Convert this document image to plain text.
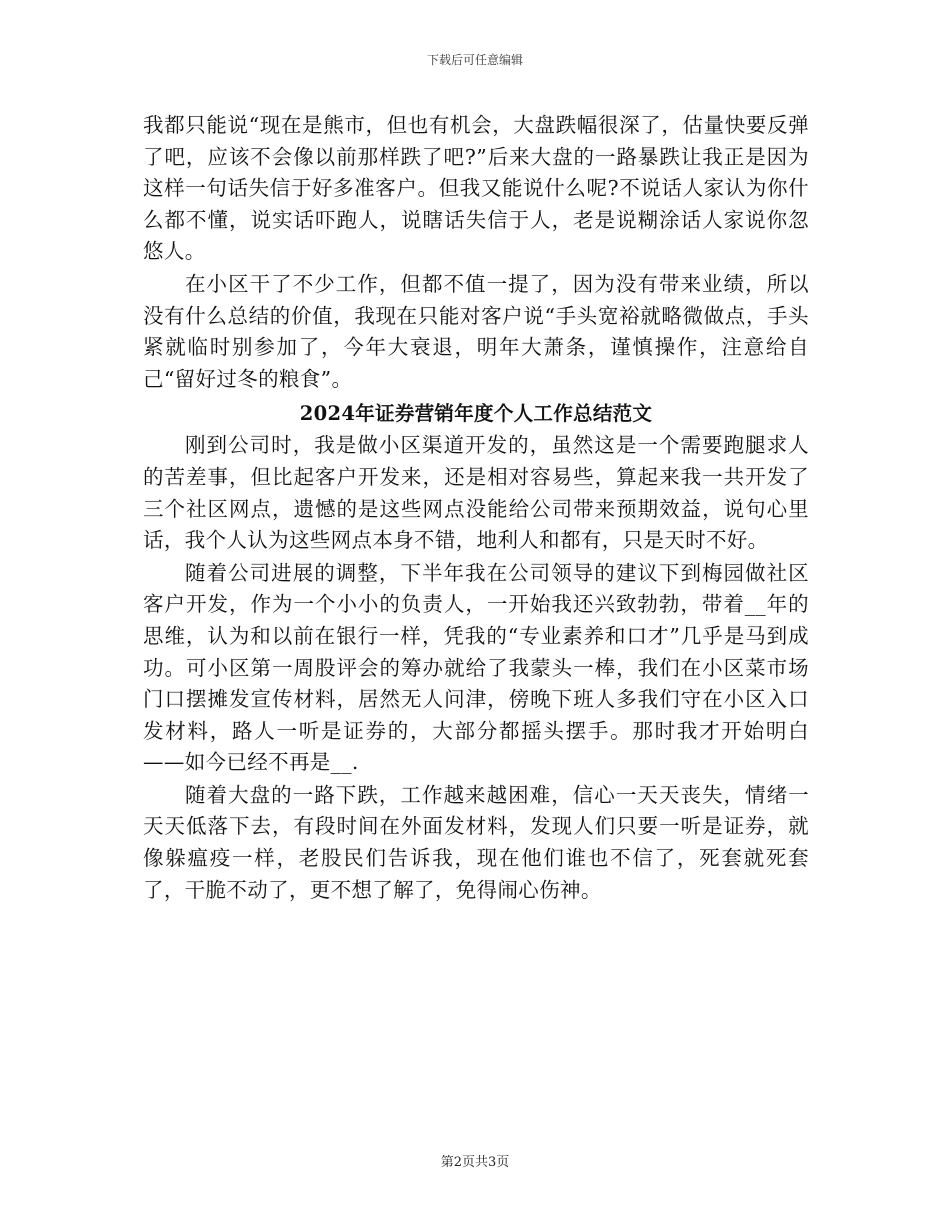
下载后可任意编辑

我都只能说“现在是熊市，但也有机会，大盘跌幅很深了，估量快要反弹了吧，应该不会像以前那样跌了吧?”后来大盘的一路暴跌让我正是因为这样一句话失信于好多准客户。但我又能说什么呢?不说话人家认为你什么都不懂，说实话吓跑人，说瞎话失信于人，老是说糊涂话人家说你忽悠人。

在小区干了不少工作，但都不值一提了，因为没有带来业绩，所以没有什么总结的价值，我现在只能对客户说“手头宽裕就略微做点，手头紧就临时别参加了，今年大衰退，明年大萧条，谨慎操作，注意给自己“留好过冬的粮食”。

2024年证券营销年度个人工作总结范文

刚到公司时，我是做小区渠道开发的，虽然这是一个需要跑腿求人的苦差事，但比起客户开发来，还是相对容易些，算起来我一共开发了三个社区网点，遗憾的是这些网点没能给公司带来预期效益，说句心里话，我个人认为这些网点本身不错，地利人和都有，只是天时不好。

随着公司进展的调整，下半年我在公司领导的建议下到梅园做社区客户开发，作为一个小小的负责人，一开始我还兴致勃勃，带着__年的思维，认为和以前在银行一样，凭我的“专业素养和口才”几乎是马到成功。可小区第一周股评会的筹办就给了我蒙头一棒，我们在小区菜市场门口摆摊发宣传材料，居然无人问津，傍晚下班人多我们守在小区入口发材料，路人一听是证券的，大部分都摇头摆手。那时我才开始明白——如今已经不再是__.

随着大盘的一路下跌，工作越来越困难，信心一天天丧失，情绪一天天低落下去，有段时间在外面发材料，发现人们只要一听是证券，就像躲瘟疫一样，老股民们告诉我，现在他们谁也不信了，死套就死套了，干脆不动了，更不想了解了，免得闹心伤神。

第2页共3页
